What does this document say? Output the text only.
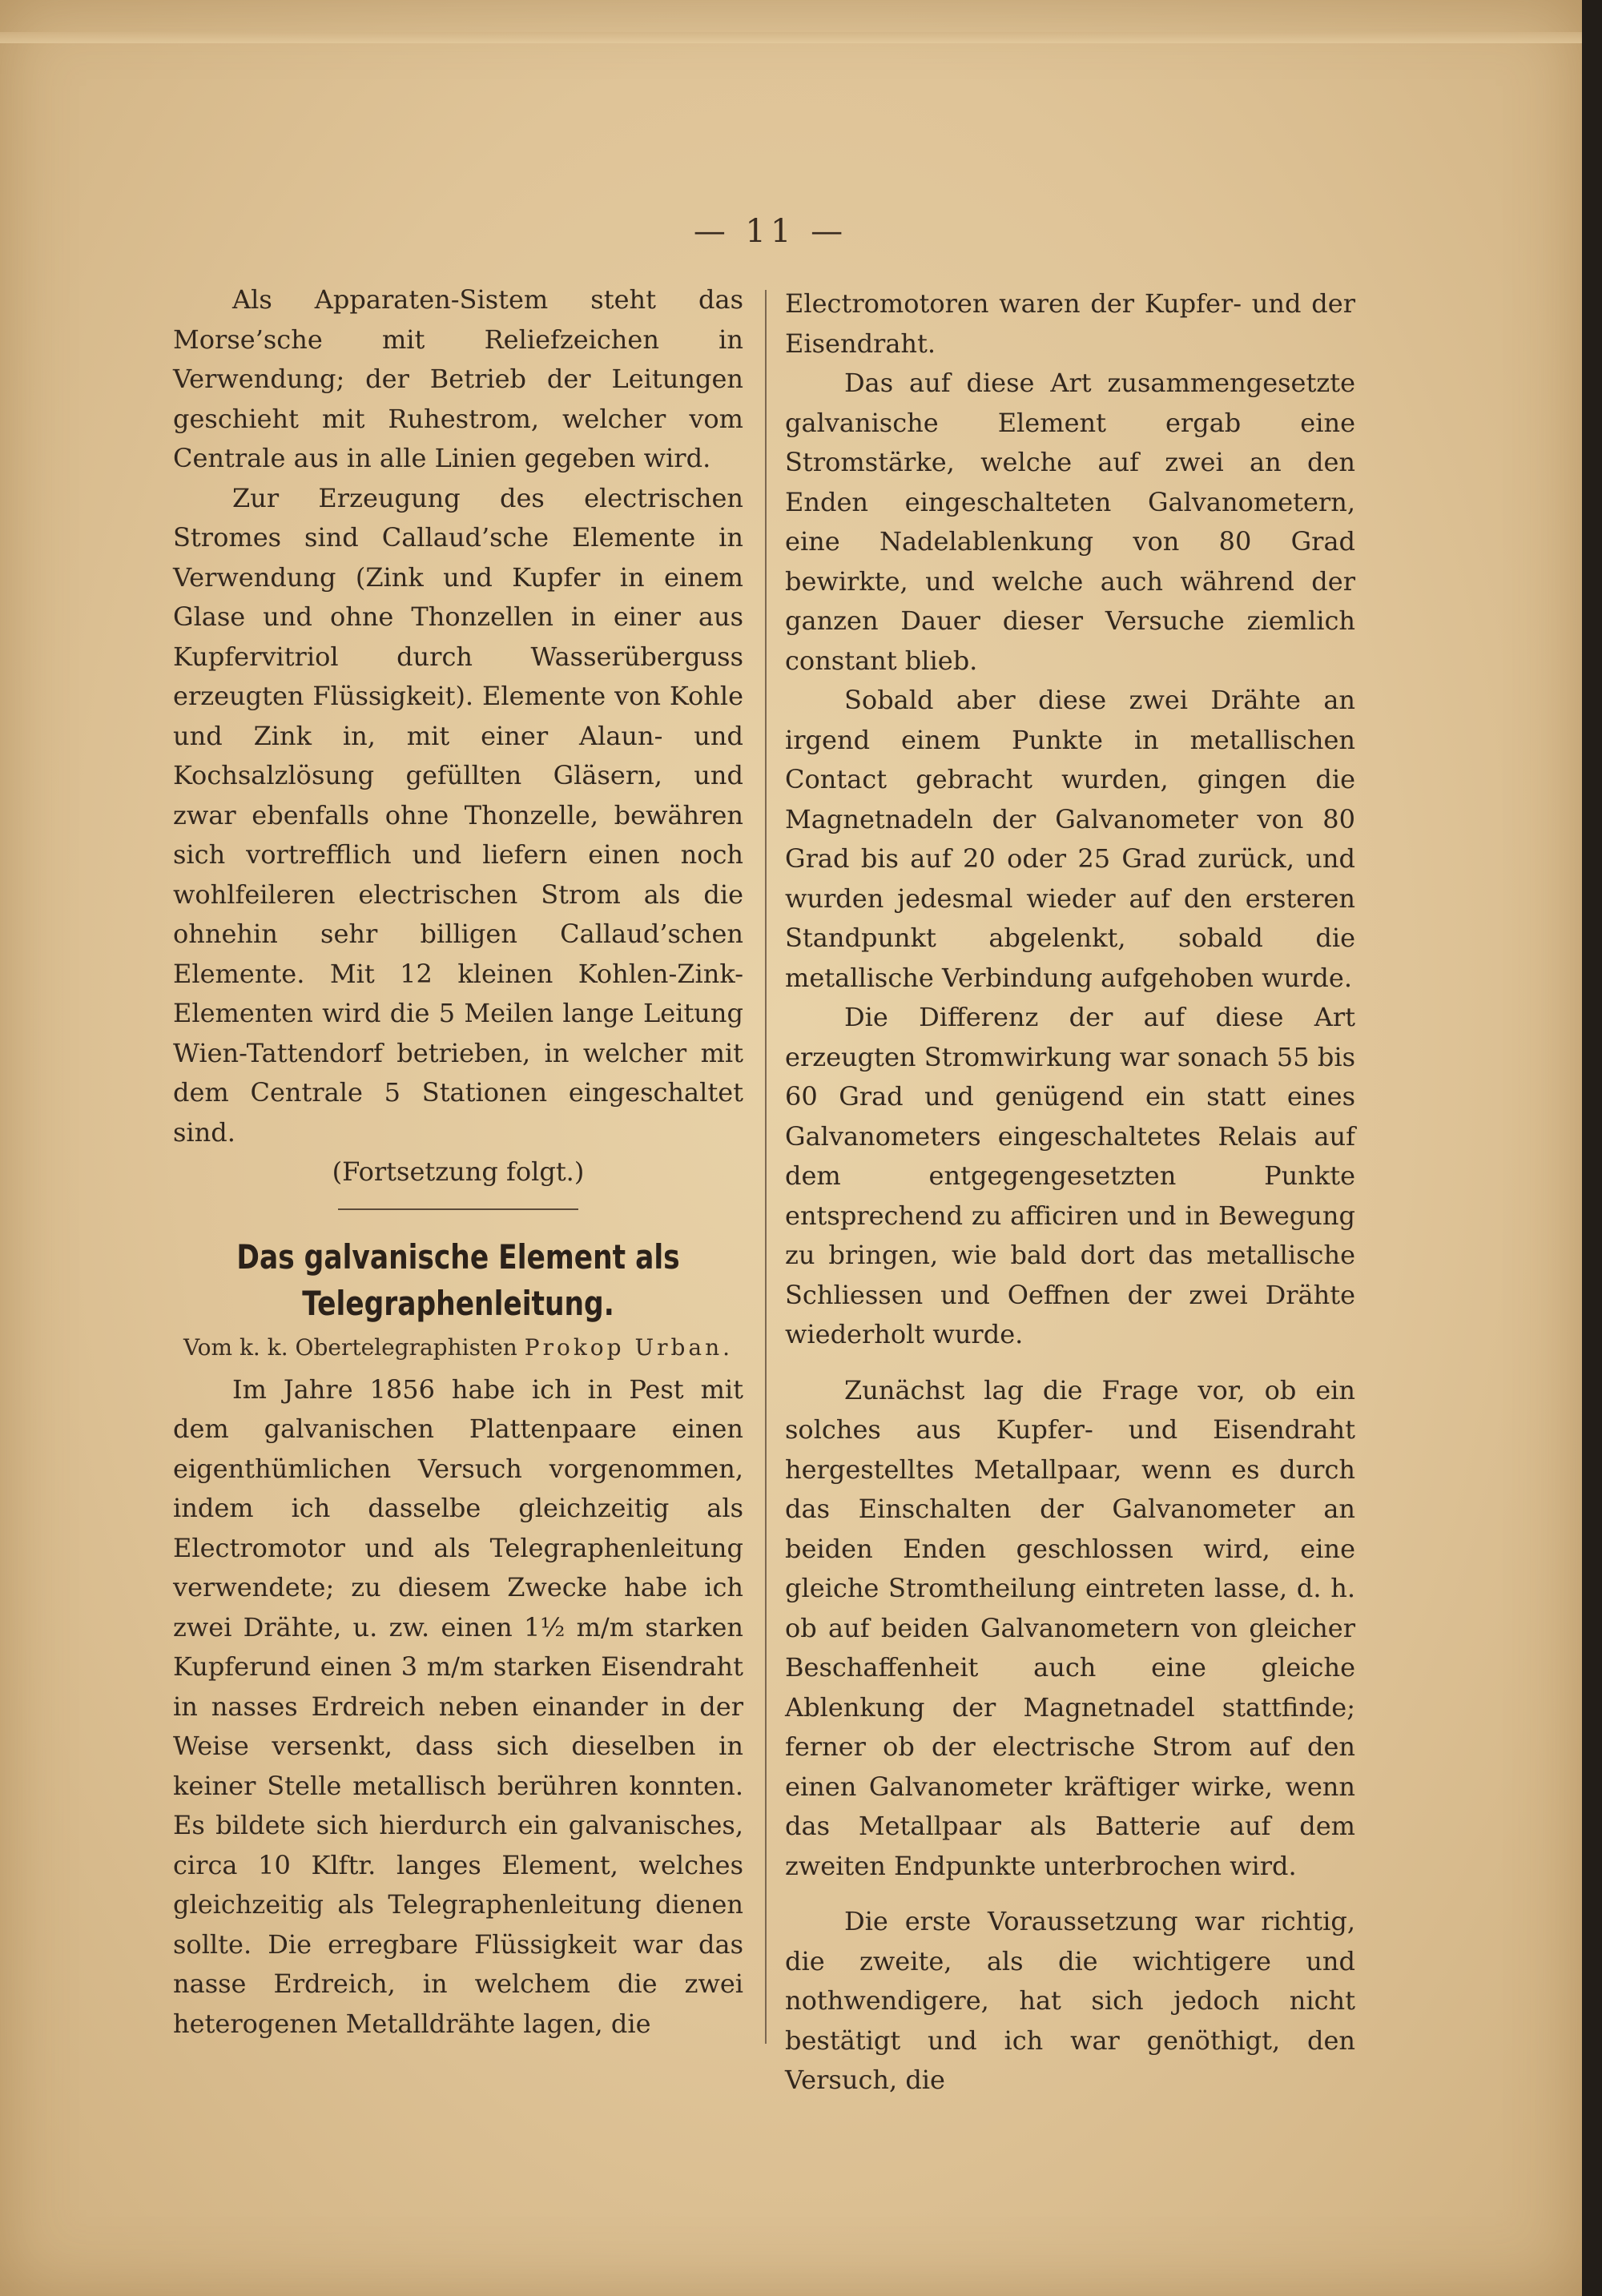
— 11 —

Als Apparaten-Sistem steht das Morse’sche mit Reliefzeichen in Verwendung; der Betrieb der Leitungen geschieht mit Ruhestrom, welcher vom Centrale aus in alle Linien gegeben wird.

Zur Erzeugung des electrischen Stromes sind Callaud’sche Elemente in Verwendung (Zink und Kupfer in einem Glase und ohne Thonzellen in einer aus Kupfervitriol durch Wasserüberguss erzeugten Flüssigkeit). Elemente von Kohle und Zink in, mit einer Alaun- und Kochsalzlösung gefüllten Gläsern, und zwar ebenfalls ohne Thonzelle, bewähren sich vortrefflich und liefern einen noch wohlfeileren electrischen Strom als die ohnehin sehr billigen Callaud’schen Elemente. Mit 12 kleinen Kohlen-Zink-Elementen wird die 5 Meilen lange Leitung Wien-Tattendorf betrieben, in welcher mit dem Centrale 5 Stationen eingeschaltet sind.

(Fortsetzung folgt.)

Das galvanische Element als Telegraphenleitung.
Vom k. k. Obertelegraphisten Prokop Urban.

Im Jahre 1856 habe ich in Pest mit dem galvanischen Plattenpaare einen eigenthümlichen Versuch vorgenommen, indem ich dasselbe gleichzeitig als Electromotor und als Telegraphenleitung verwendete; zu diesem Zwecke habe ich zwei Drähte, u. zw. einen 1½ m/m starken Kupferund einen 3 m/m starken Eisendraht in nasses Erdreich neben einander in der Weise versenkt, dass sich dieselben in keiner Stelle metallisch berühren konnten. Es bildete sich hierdurch ein galvanisches, circa 10 Klftr. langes Element, welches gleichzeitig als Telegraphenleitung dienen sollte. Die erregbare Flüssigkeit war das nasse Erdreich, in welchem die zwei heterogenen Metalldrähte lagen, die

Electromotoren waren der Kupfer- und der Eisendraht.

Das auf diese Art zusammengesetzte galvanische Element ergab eine Stromstärke, welche auf zwei an den Enden eingeschalteten Galvanometern, eine Nadelablenkung von 80 Grad bewirkte, und welche auch während der ganzen Dauer dieser Versuche ziemlich constant blieb.

Sobald aber diese zwei Drähte an irgend einem Punkte in metallischen Contact gebracht wurden, gingen die Magnetnadeln der Galvanometer von 80 Grad bis auf 20 oder 25 Grad zurück, und wurden jedesmal wieder auf den ersteren Standpunkt abgelenkt, sobald die metallische Verbindung aufgehoben wurde.

Die Differenz der auf diese Art erzeugten Stromwirkung war sonach 55 bis 60 Grad und genügend ein statt eines Galvanometers eingeschaltetes Relais auf dem entgegengesetzten Punkte entsprechend zu afficiren und in Bewegung zu bringen, wie bald dort das metallische Schliessen und Oeffnen der zwei Drähte wiederholt wurde.

Zunächst lag die Frage vor, ob ein solches aus Kupfer- und Eisendraht hergestelltes Metallpaar, wenn es durch das Einschalten der Galvanometer an beiden Enden geschlossen wird, eine gleiche Stromtheilung eintreten lasse, d. h. ob auf beiden Galvanometern von gleicher Beschaffenheit auch eine gleiche Ablenkung der Magnetnadel stattfinde; ferner ob der electrische Strom auf den einen Galvanometer kräftiger wirke, wenn das Metallpaar als Batterie auf dem zweiten Endpunkte unterbrochen wird.

Die erste Voraussetzung war richtig, die zweite, als die wichtigere und nothwendigere, hat sich jedoch nicht bestätigt und ich war genöthigt, den Versuch, die
